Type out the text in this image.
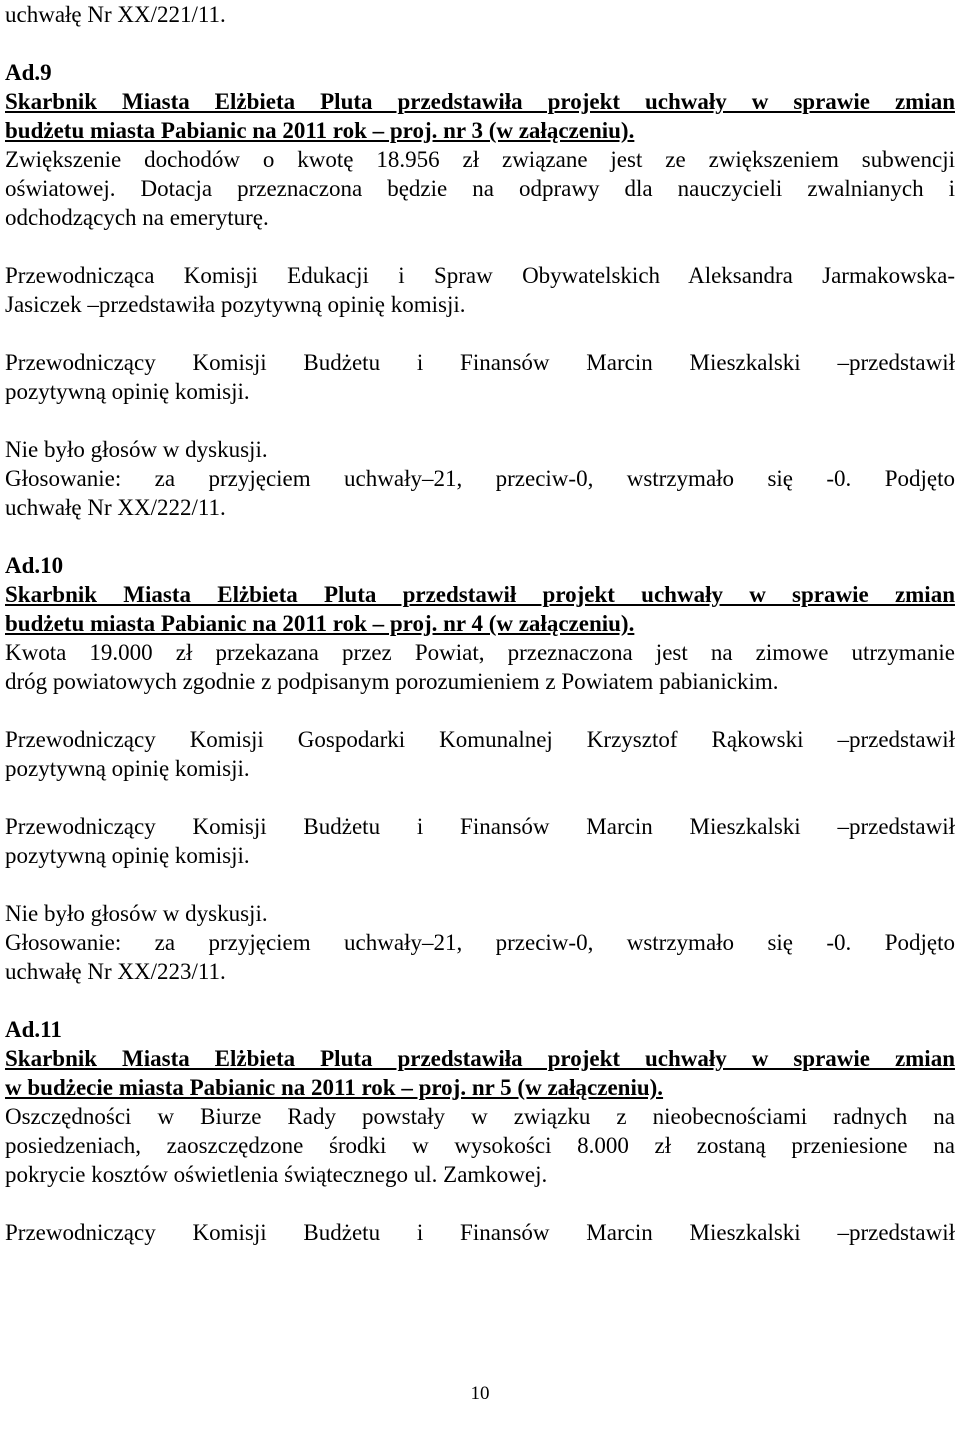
uchwałę Nr XX/221/11.
Ad.9
Skarbnik Miasta Elżbieta Pluta przedstawiła projekt uchwały w sprawie zmian
budżetu miasta Pabianic na 2011 rok – proj. nr 3 (w załączeniu).
Zwiększenie dochodów o kwotę 18.956 zł związane jest ze zwiększeniem subwencji
oświatowej. Dotacja przeznaczona będzie na odprawy dla nauczycieli zwalnianych i
odchodzących na emeryturę.
Przewodnicząca Komisji Edukacji i Spraw Obywatelskich Aleksandra Jarmakowska-
Jasiczek –przedstawiła pozytywną opinię komisji.
Przewodniczący Komisji Budżetu i Finansów Marcin Mieszkalski –przedstawił
pozytywną opinię komisji.
Nie było głosów w dyskusji.
Głosowanie: za przyjęciem uchwały–21, przeciw-0, wstrzymało się -0. Podjęto
uchwałę Nr XX/222/11.
Ad.10
Skarbnik Miasta Elżbieta Pluta przedstawił projekt uchwały w sprawie zmian
budżetu miasta Pabianic na 2011 rok – proj. nr 4 (w załączeniu).
Kwota 19.000 zł przekazana przez Powiat, przeznaczona jest na zimowe utrzymanie
dróg powiatowych zgodnie z podpisanym porozumieniem z Powiatem pabianickim.
Przewodniczący Komisji Gospodarki Komunalnej Krzysztof Rąkowski –przedstawił
pozytywną opinię komisji.
Przewodniczący Komisji Budżetu i Finansów Marcin Mieszkalski –przedstawił
pozytywną opinię komisji.
Nie było głosów w dyskusji.
Głosowanie: za przyjęciem uchwały–21, przeciw-0, wstrzymało się -0. Podjęto
uchwałę Nr XX/223/11.
Ad.11
Skarbnik Miasta Elżbieta Pluta przedstawiła projekt uchwały w sprawie zmian
w budżecie miasta Pabianic na 2011 rok – proj. nr 5 (w załączeniu).
Oszczędności w Biurze Rady powstały w związku z nieobecnościami radnych na
posiedzeniach, zaoszczędzone środki w wysokości 8.000 zł zostaną przeniesione na
pokrycie kosztów oświetlenia świątecznego ul. Zamkowej.
Przewodniczący Komisji Budżetu i Finansów Marcin Mieszkalski –przedstawił
10
